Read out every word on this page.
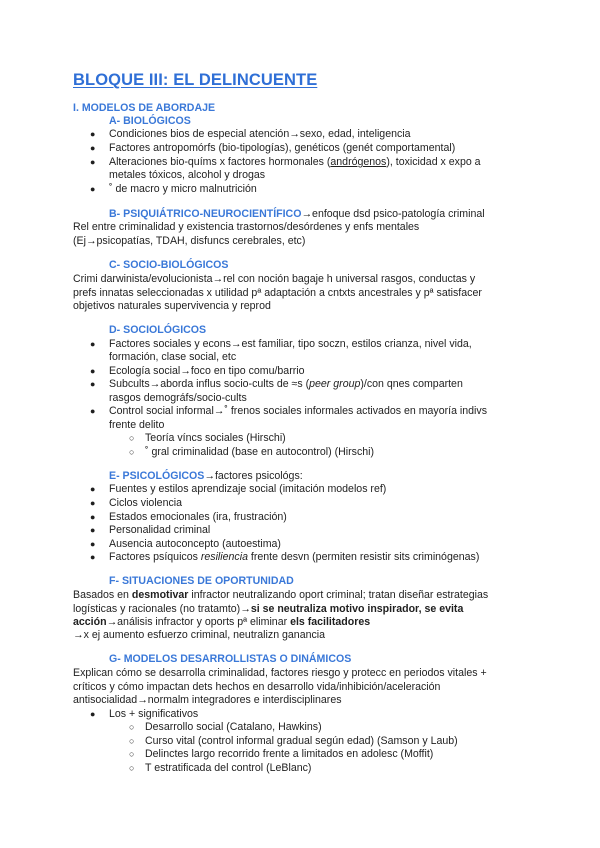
BLOQUE III: EL DELINCUENTE
I. MODELOS DE ABORDAJE
A- BIOLÓGICOS
● Condiciones bios de especial atención→sexo, edad, inteligencia
● Factores antropomórfs (bio-tipologías), genéticos (genét comportamental)
● Alteraciones bio-químs x factores hormonales (andrógenos), toxicidad x expo a
metales tóxicos, alcohol y drogas
● ˚ de macro y micro malnutrición
B- PSIQUIÁTRICO-NEUROCIENTÍFICO→enfoque dsd psico-patología criminal
Rel entre criminalidad y existencia trastornos/desórdenes y enfs mentales
(Ej→psicopatías, TDAH, disfuncs cerebrales, etc)
C- SOCIO-BIOLÓGICOS
Crimi darwinista/evolucionista→rel con noción bagaje h universal rasgos, conductas y
prefs innatas seleccionadas x utilidad pª adaptación a cntxts ancestrales y pª satisfacer
objetivos naturales supervivencia y reprod
D- SOCIOLÓGICOS
● Factores sociales y econs→est familiar, tipo soczn, estilos crianza, nivel vida,
formación, clase social, etc
● Ecología social→foco en tipo comu/barrio
● Subcults→aborda influs socio-cults de ≈s (peer group)/con qnes comparten
rasgos demográfs/socio-cults
● Control social informal→˚ frenos sociales informales activados en mayoría indivs
frente delito
○ Teoría víncs sociales (Hirschi)
○ ˚ gral criminalidad (base en autocontrol) (Hirschi)
E- PSICOLÓGICOS→factores psicológs:
● Fuentes y estilos aprendizaje social (imitación modelos ref)
● Ciclos violencia
● Estados emocionales (ira, frustración)
● Personalidad criminal
● Ausencia autoconcepto (autoestima)
● Factores psíquicos resiliencia frente desvn (permiten resistir sits criminógenas)
F- SITUACIONES DE OPORTUNIDAD
Basados en desmotivar infractor neutralizando oport criminal; tratan diseñar estrategias
logísticas y racionales (no tratamto)→si se neutraliza motivo inspirador, se evita
acción→análisis infractor y oports pª eliminar els facilitadores
→x ej aumento esfuerzo criminal, neutralizn ganancia
G- MODELOS DESARROLLISTAS O DINÁMICOS
Explican cómo se desarrolla criminalidad, factores riesgo y protecc en periodos vitales +
críticos y cómo impactan dets hechos en desarrollo vida/inhibición/aceleración
antisocialidad→normalm integradores e interdisciplinares
● Los + significativos
○ Desarrollo social (Catalano, Hawkins)
○ Curso vital (control informal gradual según edad) (Samson y Laub)
○ Delinctes largo recorrido frente a limitados en adolesc (Moffit)
○ T estratificada del control (LeBlanc)
